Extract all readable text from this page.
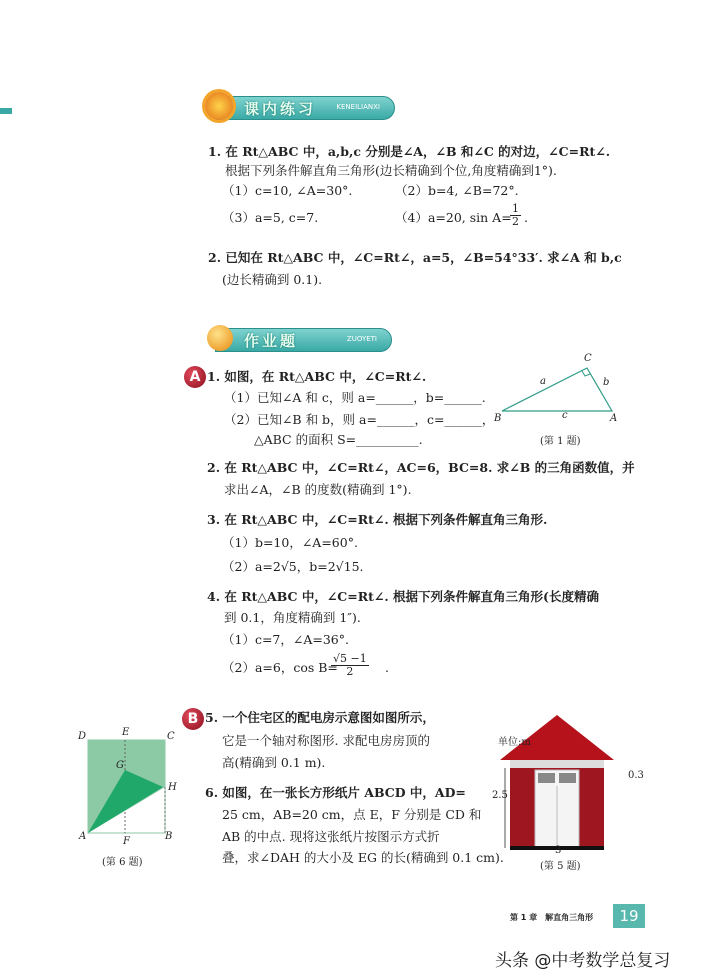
课内练习	KENEILIANXI
1. 在 Rt△ABC 中，a,b,c 分别是∠A，∠B 和∠C 的对边，∠C=Rt∠.
根据下列条件解直角三角形(边长精确到个位,角度精确到1°).
（1）c=10, ∠A=30°.	（2）b=4, ∠B=72°.
（3）a=5, c=7.	（4）a=20, sin A=
$\frac{1}{2}$ .
2. 已知在 Rt△ABC 中，∠C=Rt∠，a=5，∠B=54°33′. 求∠A 和 b,c
(边长精确到 0.1).
作业题	ZUOYETI
A 1. 如图，在 Rt△ABC 中，∠C=Rt∠.
（1）已知∠A 和 c，则 a=______，b=______.
（2）已知∠B 和 b，则 a=______，c=______，
△ABC 的面积 S=__________.
C
B	A
a	b
c
(第 1 题)
2. 在 Rt△ABC 中，∠C=Rt∠，AC=6，BC=8. 求∠B 的三角函数值，并
求出∠A，∠B 的度数(精确到 1°).
3. 在 Rt△ABC 中，∠C=Rt∠. 根据下列条件解直角三角形.
（1）b=10，∠A=60°.
（2）a=2√5，b=2√15.
4. 在 Rt△ABC 中，∠C=Rt∠. 根据下列条件解直角三角形(长度精确
到 0.1，角度精确到 1″).
（1）c=7，∠A=36°.
（2）a=6，cos B=
$\frac{√5 -1}{2}$ .
B 5. 一个住宅区的配电房示意图如图所示，
它是一个轴对称图形. 求配电房房顶的
高(精确到 0.1 m).
6. 如图，在一张长方形纸片 ABCD 中，AD=
25 cm，AB=20 cm，点 E，F 分别是 CD 和
AB 的中点. 现将这张纸片按图示方式折
叠，求∠DAH 的大小及 EG 的长(精确到 0.1 cm).
D	E	C
G
H
A	F	B
(第 6 题)
单位:m
2.5
0.3
3
(第 5 题)
第 1 章　解直角三角形	19
头条 @中考数学总复习
